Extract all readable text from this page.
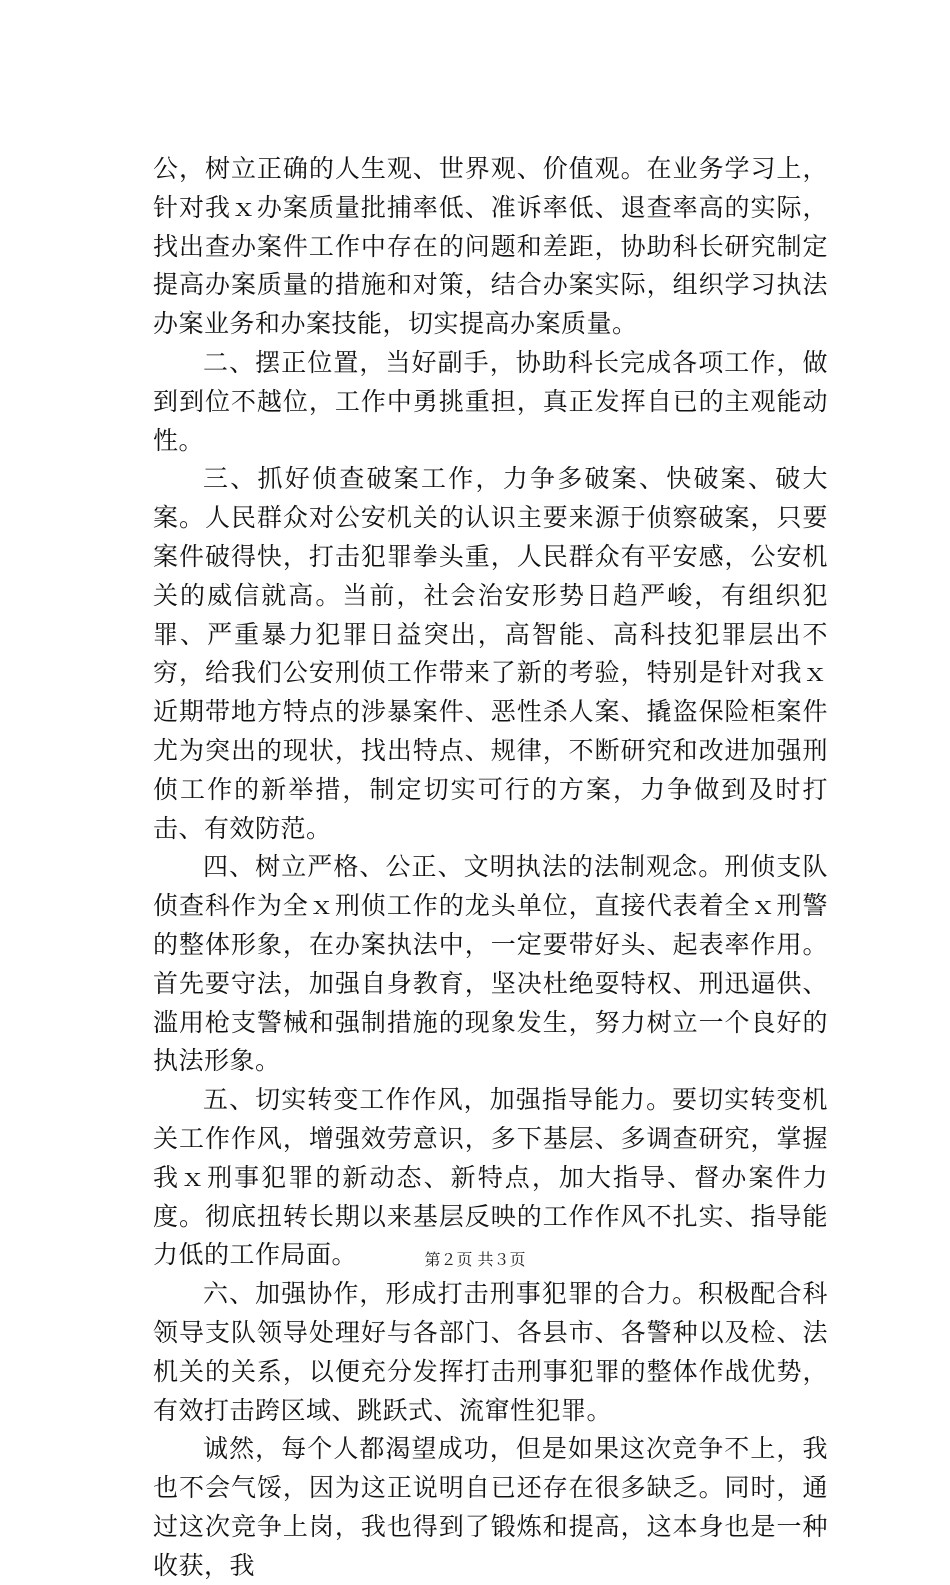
公，树立正确的人生观、世界观、价值观。在业务学习上，针对我ｘ办案质量批捕率低、准诉率低、退查率高的实际，找出查办案件工作中存在的问题和差距，协助科长研究制定提高办案质量的措施和对策，结合办案实际，组织学习执法办案业务和办案技能，切实提高办案质量。

二、摆正位置，当好副手，协助科长完成各项工作，做到到位不越位，工作中勇挑重担，真正发挥自已的主观能动性。

三、抓好侦查破案工作，力争多破案、快破案、破大案。人民群众对公安机关的认识主要来源于侦察破案，只要案件破得快，打击犯罪拳头重，人民群众有平安感，公安机关的威信就高。当前，社会治安形势日趋严峻，有组织犯罪、严重暴力犯罪日益突出，高智能、高科技犯罪层出不穷，给我们公安刑侦工作带来了新的考验，特别是针对我ｘ近期带地方特点的涉暴案件、恶性杀人案、撬盗保险柜案件尤为突出的现状，找出特点、规律，不断研究和改进加强刑侦工作的新举措，制定切实可行的方案，力争做到及时打击、有效防范。

四、树立严格、公正、文明执法的法制观念。刑侦支队侦查科作为全ｘ刑侦工作的龙头单位，直接代表着全ｘ刑警的整体形象，在办案执法中，一定要带好头、起表率作用。首先要守法，加强自身教育，坚决杜绝耍特权、刑迅逼供、滥用枪支警械和强制措施的现象发生，努力树立一个良好的执法形象。

五、切实转变工作作风，加强指导能力。要切实转变机关工作作风，增强效劳意识，多下基层、多调查研究，掌握我ｘ刑事犯罪的新动态、新特点，加大指导、督办案件力度。彻底扭转长期以来基层反映的工作作风不扎实、指导能力低的工作局面。

六、加强协作，形成打击刑事犯罪的合力。积极配合科领导支队领导处理好与各部门、各县市、各警种以及检、法机关的关系，以便充分发挥打击刑事犯罪的整体作战优势，有效打击跨区域、跳跃式、流窜性犯罪。

诚然，每个人都渴望成功，但是如果这次竞争不上，我也不会气馁，因为这正说明自已还存在很多缺乏。同时，通过这次竞争上岗，我也得到了锻炼和提高，这本身也是一种收获，我

第２页 共３页
